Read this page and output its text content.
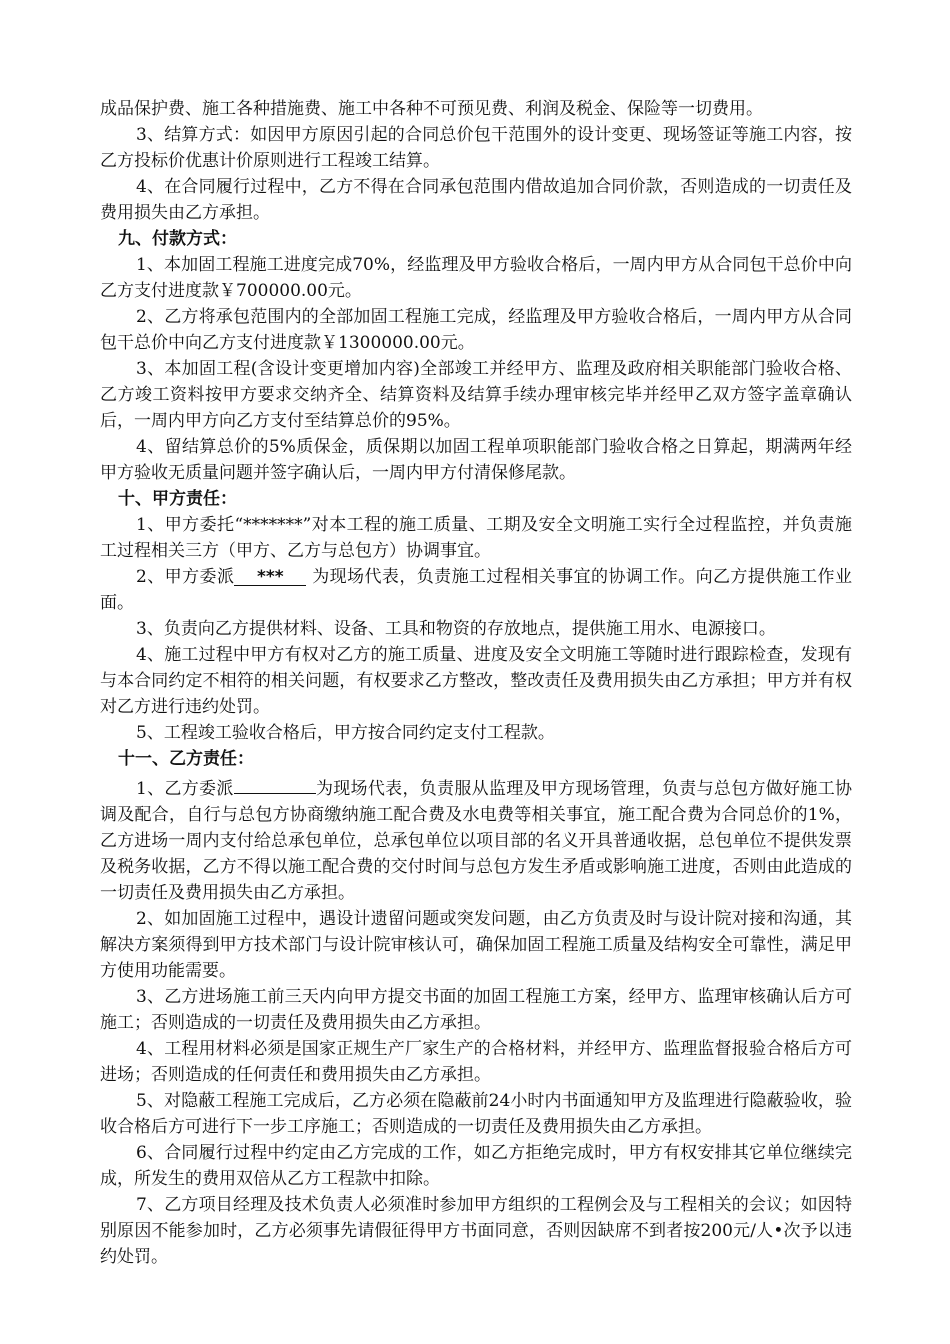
成品保护费、施工各种措施费、施工中各种不可预见费、利润及税金、保险等一切费用。

3、结算方式：如因甲方原因引起的合同总价包干范围外的设计变更、现场签证等施工内容，按乙方投标价优惠计价原则进行工程竣工结算。

4、在合同履行过程中，乙方不得在合同承包范围内借故追加合同价款，否则造成的一切责任及费用损失由乙方承担。

九、付款方式：

1、本加固工程施工进度完成70%，经监理及甲方验收合格后，一周内甲方从合同包干总价中向乙方支付进度款￥700000.00元。

2、乙方将承包范围内的全部加固工程施工完成，经监理及甲方验收合格后，一周内甲方从合同包干总价中向乙方支付进度款￥1300000.00元。

3、本加固工程(含设计变更增加内容)全部竣工并经甲方、监理及政府相关职能部门验收合格、乙方竣工资料按甲方要求交纳齐全、结算资料及结算手续办理审核完毕并经甲乙双方签字盖章确认后，一周内甲方向乙方支付至结算总价的95%。

4、留结算总价的5%质保金，质保期以加固工程单项职能部门验收合格之日算起，期满两年经甲方验收无质量问题并签字确认后，一周内甲方付清保修尾款。

十、甲方责任：

1、甲方委托“*******”对本工程的施工质量、工期及安全文明施工实行全过程监控，并负责施工过程相关三方（甲方、乙方与总包方）协调事宜。

2、甲方委派 *** 为现场代表，负责施工过程相关事宜的协调工作。向乙方提供施工作业面。

3、负责向乙方提供材料、设备、工具和物资的存放地点，提供施工用水、电源接口。

4、施工过程中甲方有权对乙方的施工质量、进度及安全文明施工等随时进行跟踪检查，发现有与本合同约定不相符的相关问题，有权要求乙方整改，整改责任及费用损失由乙方承担；甲方并有权对乙方进行违约处罚。

5、工程竣工验收合格后，甲方按合同约定支付工程款。

十一、乙方责任：

1、乙方委派	为现场代表，负责服从监理及甲方现场管理，负责与总包方做好施工协调及配合，自行与总包方协商缴纳施工配合费及水电费等相关事宜，施工配合费为合同总价的1%，乙方进场一周内支付给总承包单位，总承包单位以项目部的名义开具普通收据，总包单位不提供发票及税务收据，乙方不得以施工配合费的交付时间与总包方发生矛盾或影响施工进度，否则由此造成的一切责任及费用损失由乙方承担。

2、如加固施工过程中，遇设计遗留问题或突发问题，由乙方负责及时与设计院对接和沟通，其解决方案须得到甲方技术部门与设计院审核认可，确保加固工程施工质量及结构安全可靠性，满足甲方使用功能需要。

3、乙方进场施工前三天内向甲方提交书面的加固工程施工方案，经甲方、监理审核确认后方可施工；否则造成的一切责任及费用损失由乙方承担。

4、工程用材料必须是国家正规生产厂家生产的合格材料，并经甲方、监理监督报验合格后方可进场；否则造成的任何责任和费用损失由乙方承担。

5、对隐蔽工程施工完成后，乙方必须在隐蔽前24小时内书面通知甲方及监理进行隐蔽验收，验收合格后方可进行下一步工序施工；否则造成的一切责任及费用损失由乙方承担。

6、合同履行过程中约定由乙方完成的工作，如乙方拒绝完成时，甲方有权安排其它单位继续完成，所发生的费用双倍从乙方工程款中扣除。

7、乙方项目经理及技术负责人必须准时参加甲方组织的工程例会及与工程相关的会议；如因特别原因不能参加时，乙方必须事先请假征得甲方书面同意，否则因缺席不到者按200元/人•次予以违约处罚。
